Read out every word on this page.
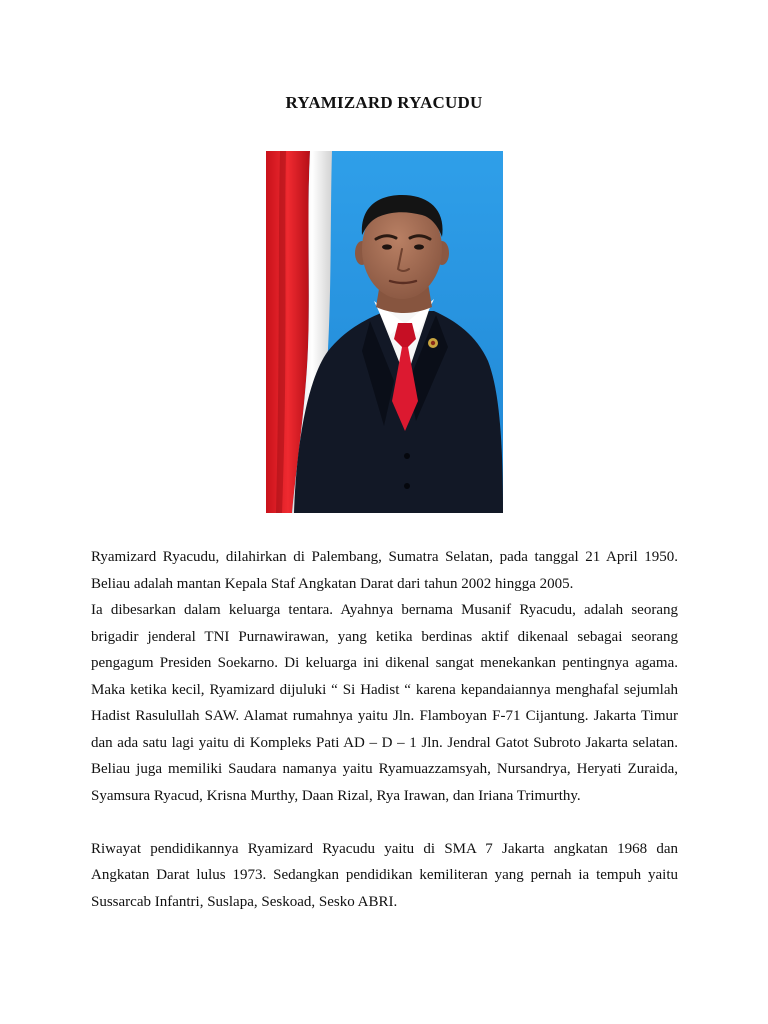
RYAMIZARD RYACUDU

Ryamizard Ryacudu, dilahirkan di Palembang, Sumatra Selatan, pada tanggal 21 April 1950.

Beliau adalah mantan Kepala Staf Angkatan Darat dari tahun 2002 hingga 2005.

Ia dibesarkan dalam keluarga tentara. Ayahnya bernama Musanif Ryacudu, adalah seorang

brigadir jenderal TNI Purnawirawan, yang ketika berdinas aktif dikenaal sebagai seorang

pengagum Presiden Soekarno. Di keluarga ini dikenal sangat menekankan pentingnya agama.

Maka ketika kecil, Ryamizard dijuluki “ Si Hadist “ karena kepandaiannya menghafal sejumlah

Hadist Rasulullah SAW. Alamat rumahnya yaitu Jln. Flamboyan F-71 Cijantung. Jakarta Timur

dan ada satu lagi yaitu di Kompleks Pati AD – D – 1 Jln. Jendral Gatot Subroto Jakarta selatan.

Beliau juga memiliki Saudara namanya yaitu Ryamuazzamsyah, Nursandrya, Heryati Zuraida,

Syamsura Ryacud, Krisna Murthy, Daan Rizal, Rya Irawan, dan Iriana Trimurthy.

Riwayat pendidikannya Ryamizard Ryacudu yaitu di SMA 7 Jakarta angkatan 1968 dan

Angkatan Darat lulus 1973. Sedangkan pendidikan kemiliteran yang pernah ia tempuh yaitu

Sussarcab Infantri, Suslapa, Seskoad, Sesko ABRI.
